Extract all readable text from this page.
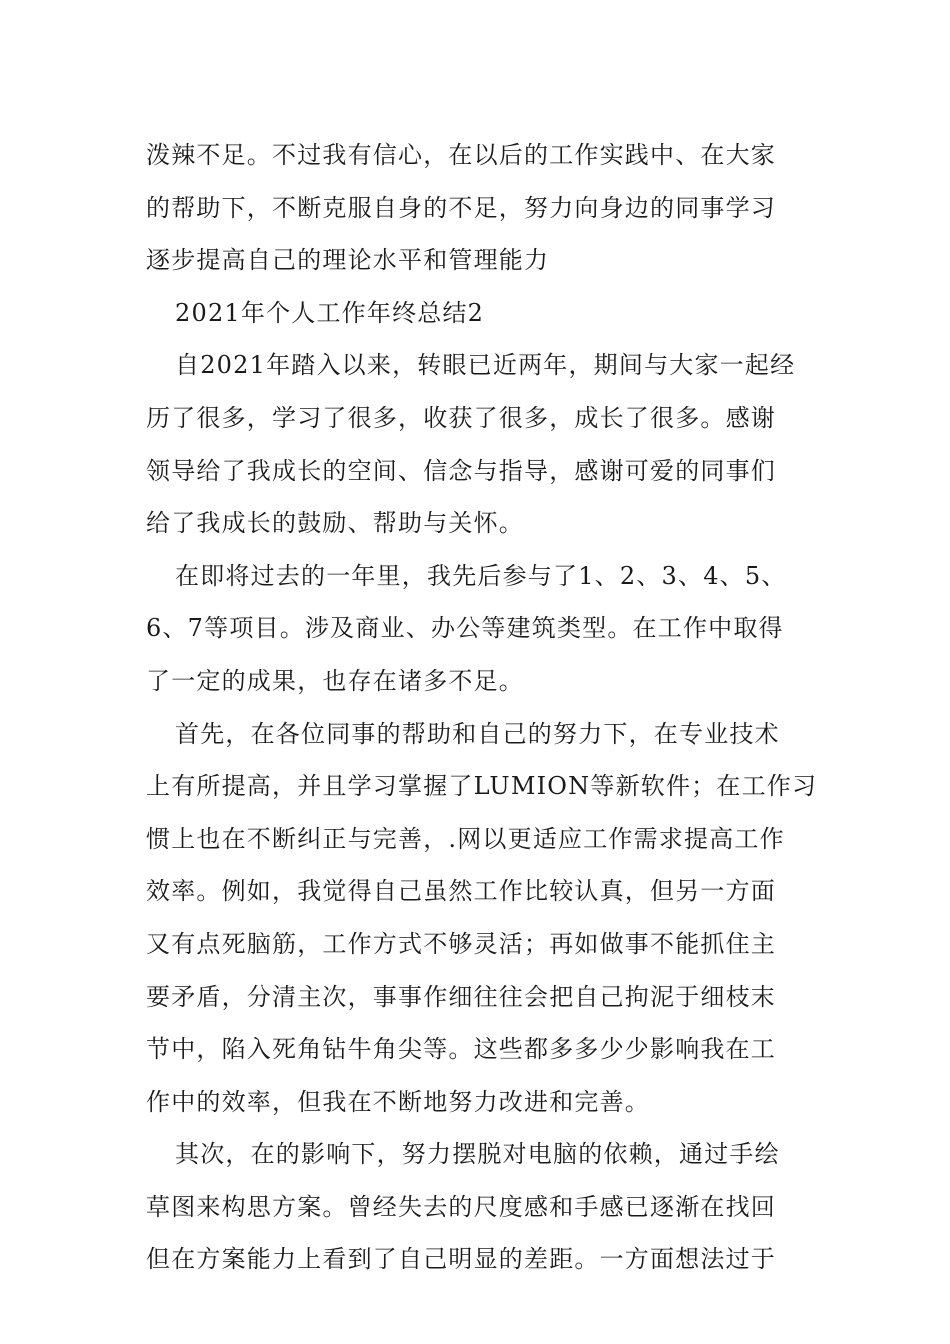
泼辣不足。不过我有信心，在以后的工作实践中、在大家
的帮助下，不断克服自身的不足，努力向身边的同事学习
逐步提高自己的理论水平和管理能力
2021年个人工作年终总结2
自2021年踏入以来，转眼已近两年，期间与大家一起经
历了很多，学习了很多，收获了很多，成长了很多。感谢
领导给了我成长的空间、信念与指导，感谢可爱的同事们
给了我成长的鼓励、帮助与关怀。
在即将过去的一年里，我先后参与了1、2、3、4、5、
6、7等项目。涉及商业、办公等建筑类型。在工作中取得
了一定的成果，也存在诸多不足。
首先，在各位同事的帮助和自己的努力下，在专业技术
上有所提高，并且学习掌握了LUMION等新软件；在工作习
惯上也在不断纠正与完善，.网以更适应工作需求提高工作
效率。例如，我觉得自己虽然工作比较认真，但另一方面
又有点死脑筋，工作方式不够灵活；再如做事不能抓住主
要矛盾，分清主次，事事作细往往会把自己拘泥于细枝末
节中，陷入死角钻牛角尖等。这些都多多少少影响我在工
作中的效率，但我在不断地努力改进和完善。
其次，在的影响下，努力摆脱对电脑的依赖，通过手绘
草图来构思方案。曾经失去的尺度感和手感已逐渐在找回
但在方案能力上看到了自己明显的差距。一方面想法过于
